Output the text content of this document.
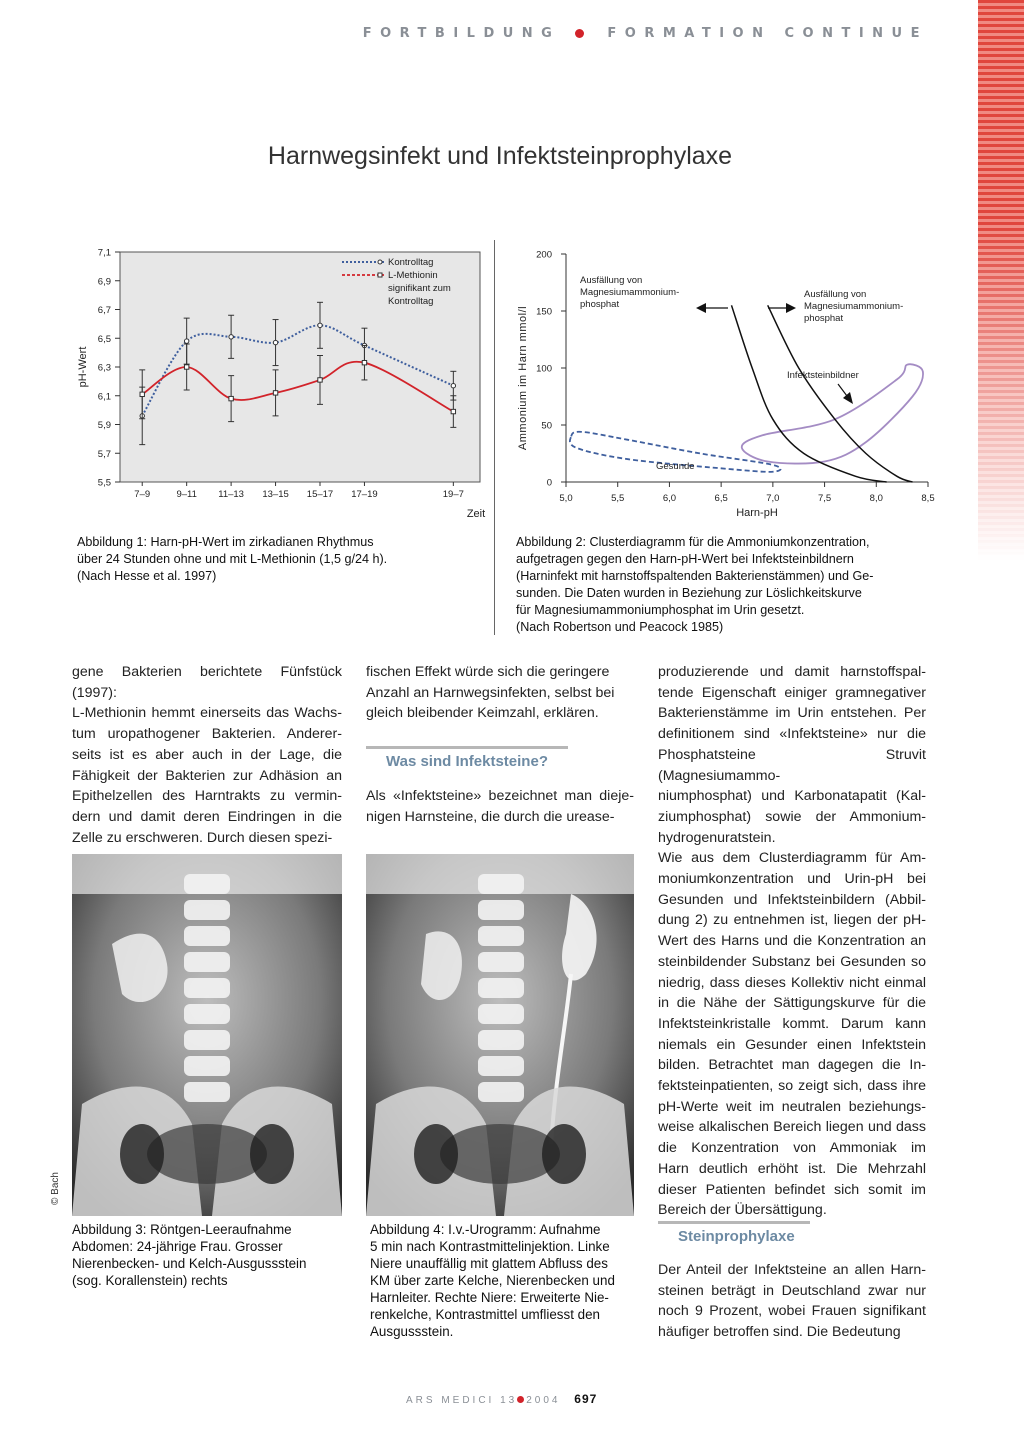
FORTBILDUNG	FORMATION CONTINUE
Harnwegsinfekt und Infektsteinprophylaxe
5,5
5,7
5,9
6,1
6,3
6,5
6,7
6,9
7,1
7–9	9–11 11–13 13–15 15–17 17–19	19–7
Zeit
pH-Wert
Kontrolltag
L-Methionin
signifikant zum
Kontrolltag
0
50
100
150
200
5,0	5,5	6,0	6,5	7,0	7,5	8,0	8,5
Harn-pH
Ammonium im Harn mmol/l
Ausfällung von
Magnesiumammonium-
phosphat
Ausfällung von
Magnesiumammonium-
phosphat
Infektsteinbildner
Gesunde
Abbildung 1: Harn-pH-Wert im zirkadianen Rhythmus
über 24 Stunden ohne und mit L-Methionin (1,5 g/24 h).
(Nach Hesse et al. 1997)
Abbildung 2: Clusterdiagramm für die Ammoniumkonzentration,
aufgetragen gegen den Harn-pH-Wert bei Infektsteinbildnern
(Harninfekt mit harnstoffspaltenden Bakterienstämmen) und Ge-
sunden. Die Daten wurden in Beziehung zur Löslichkeitskurve
für Magnesiumammoniumphosphat im Urin gesetzt.
(Nach Robertson und Peacock 1985)
gene Bakterien berichtete Fünfstück (1997):
L-Methionin hemmt einerseits das Wachs-
tum uropathogener Bakterien. Anderer-
seits ist es aber auch in der Lage, die
Fähigkeit der Bakterien zur Adhäsion an
Epithelzellen des Harntrakts zu vermin-
dern und damit deren Eindringen in die
Zelle zu erschweren. Durch diesen spezi-
fischen Effekt würde sich die geringere
Anzahl an Harnwegsinfekten, selbst bei
gleich bleibender Keimzahl, erklären.
Was sind Infektsteine?
Als «Infektsteine» bezeichnet man dieje-
nigen Harnsteine, die durch die urease-
produzierende und damit harnstoffspal-
tende Eigenschaft einiger gramnegativer
Bakterienstämme im Urin entstehen. Per
definitionem sind «Infektsteine» nur die
Phosphatsteine Struvit (Magnesiumammo-
niumphosphat) und Karbonatapatit (Kal-
ziumphosphat) sowie der Ammonium-
hydrogenuratstein.
Wie aus dem Clusterdiagramm für Am-
moniumkonzentration und Urin-pH bei
Gesunden und Infektsteinbildern (Abbil-
dung 2) zu entnehmen ist, liegen der pH-
Wert des Harns und die Konzentration an
steinbildender Substanz bei Gesunden so
niedrig, dass dieses Kollektiv nicht einmal
in die Nähe der Sättigungskurve für die
Infektsteinkristalle kommt. Darum kann
niemals ein Gesunder einen Infektstein
bilden. Betrachtet man dagegen die In-
fektsteinpatienten, so zeigt sich, dass ihre
pH-Werte weit im neutralen beziehungs-
weise alkalischen Bereich liegen und dass
die Konzentration von Ammoniak im
Harn deutlich erhöht ist. Die Mehrzahl
dieser Patienten befindet sich somit im
Bereich der Übersättigung.
Steinprophylaxe
Der Anteil der Infektsteine an allen Harn-
steinen beträgt in Deutschland zwar nur
noch 9 Prozent, wobei Frauen signifikant
häufiger betroffen sind. Die Bedeutung
Abbildung 3: Röntgen-Leeraufnahme
Abdomen: 24-jährige Frau. Grosser
Nierenbecken- und Kelch-Ausgussstein
(sog. Korallenstein) rechts
Abbildung 4: I.v.-Urogramm: Aufnahme
5 min nach Kontrastmittelinjektion. Linke
Niere unauffällig mit glattem Abfluss des
KM über zarte Kelche, Nierenbecken und
Harnleiter. Rechte Niere: Erweiterte Nie-
renkelche, Kontrastmittel umfliesst den
Ausgussstein.
© Bach
ARS MEDICI 13 2004 697
